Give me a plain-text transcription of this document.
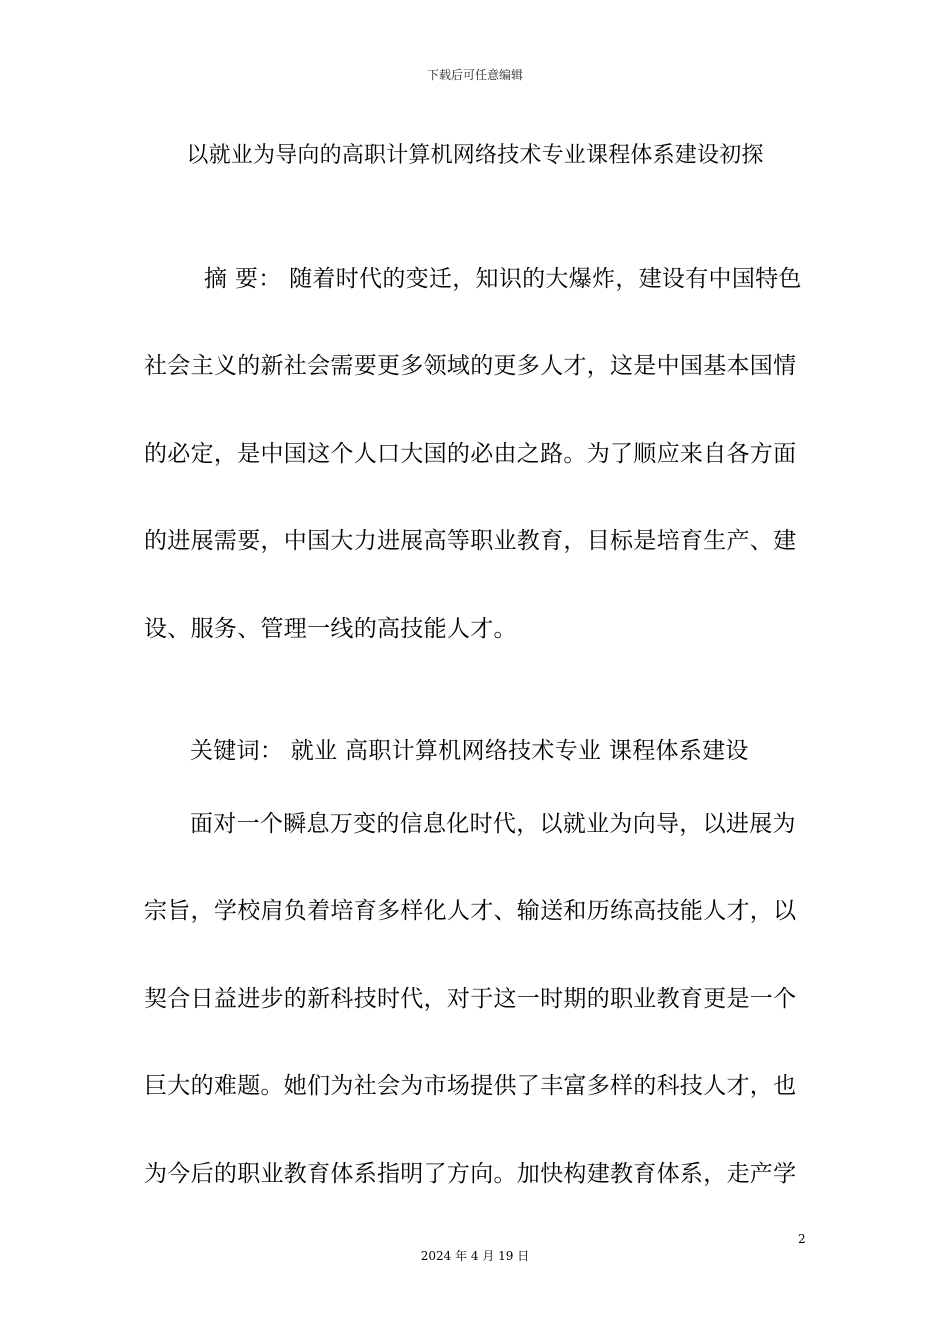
下载后可任意编辑
以就业为导向的高职计算机网络技术专业课程体系建设初探
摘 要： 随着时代的变迁，知识的大爆炸，建设有中国特色
社会主义的新社会需要更多领域的更多人才，这是中国基本国情
的必定，是中国这个人口大国的必由之路。为了顺应来自各方面
的进展需要，中国大力进展高等职业教育，目标是培育生产、建
设、服务、管理一线的高技能人才。
关键词： 就业 高职计算机网络技术专业 课程体系建设
面对一个瞬息万变的信息化时代，以就业为向导，以进展为
宗旨，学校肩负着培育多样化人才、输送和历练高技能人才，以
契合日益进步的新科技时代，对于这一时期的职业教育更是一个
巨大的难题。她们为社会为市场提供了丰富多样的科技人才，也
为今后的职业教育体系指明了方向。加快构建教育体系，走产学
2
2024 年 4 月 19 日
